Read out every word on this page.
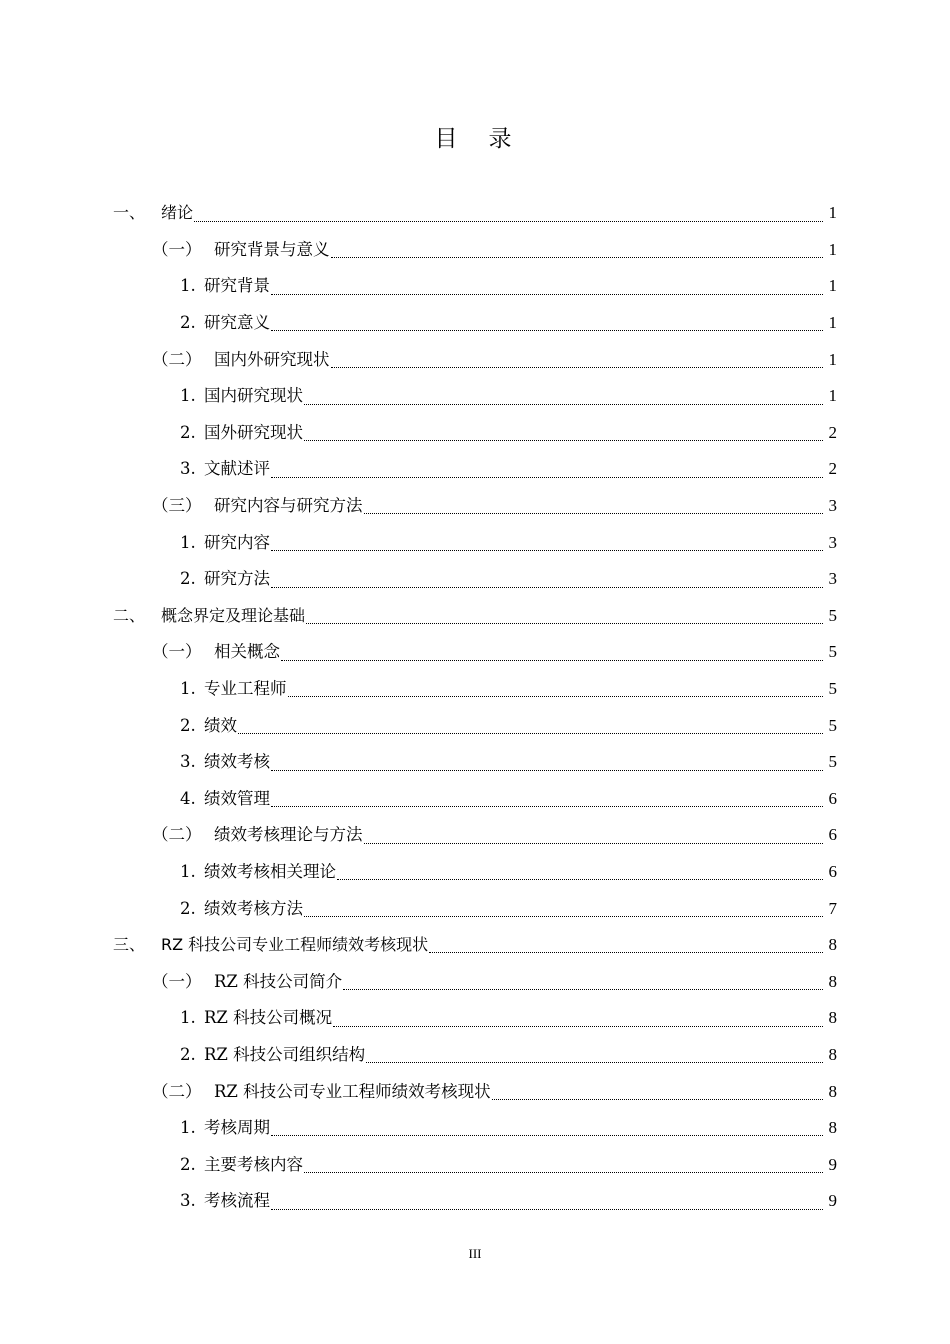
目　录
一、 绪论	1
（一） 研究背景与意义	1
1. 研究背景	1
2. 研究意义	1
（二） 国内外研究现状	1
1. 国内研究现状	1
2. 国外研究现状	2
3. 文献述评	2
（三） 研究内容与研究方法	3
1. 研究内容	3
2. 研究方法	3
二、 概念界定及理论基础	5
（一） 相关概念	5
1. 专业工程师	5
2. 绩效	5
3. 绩效考核	5
4. 绩效管理	6
（二） 绩效考核理论与方法	6
1. 绩效考核相关理论	6
2. 绩效考核方法	7
三、 RZ 科技公司专业工程师绩效考核现状	8
（一） RZ 科技公司简介	8
1. RZ 科技公司概况	8
2. RZ 科技公司组织结构	8
（二） RZ 科技公司专业工程师绩效考核现状	8
1. 考核周期	8
2. 主要考核内容	9
3. 考核流程	9
III
